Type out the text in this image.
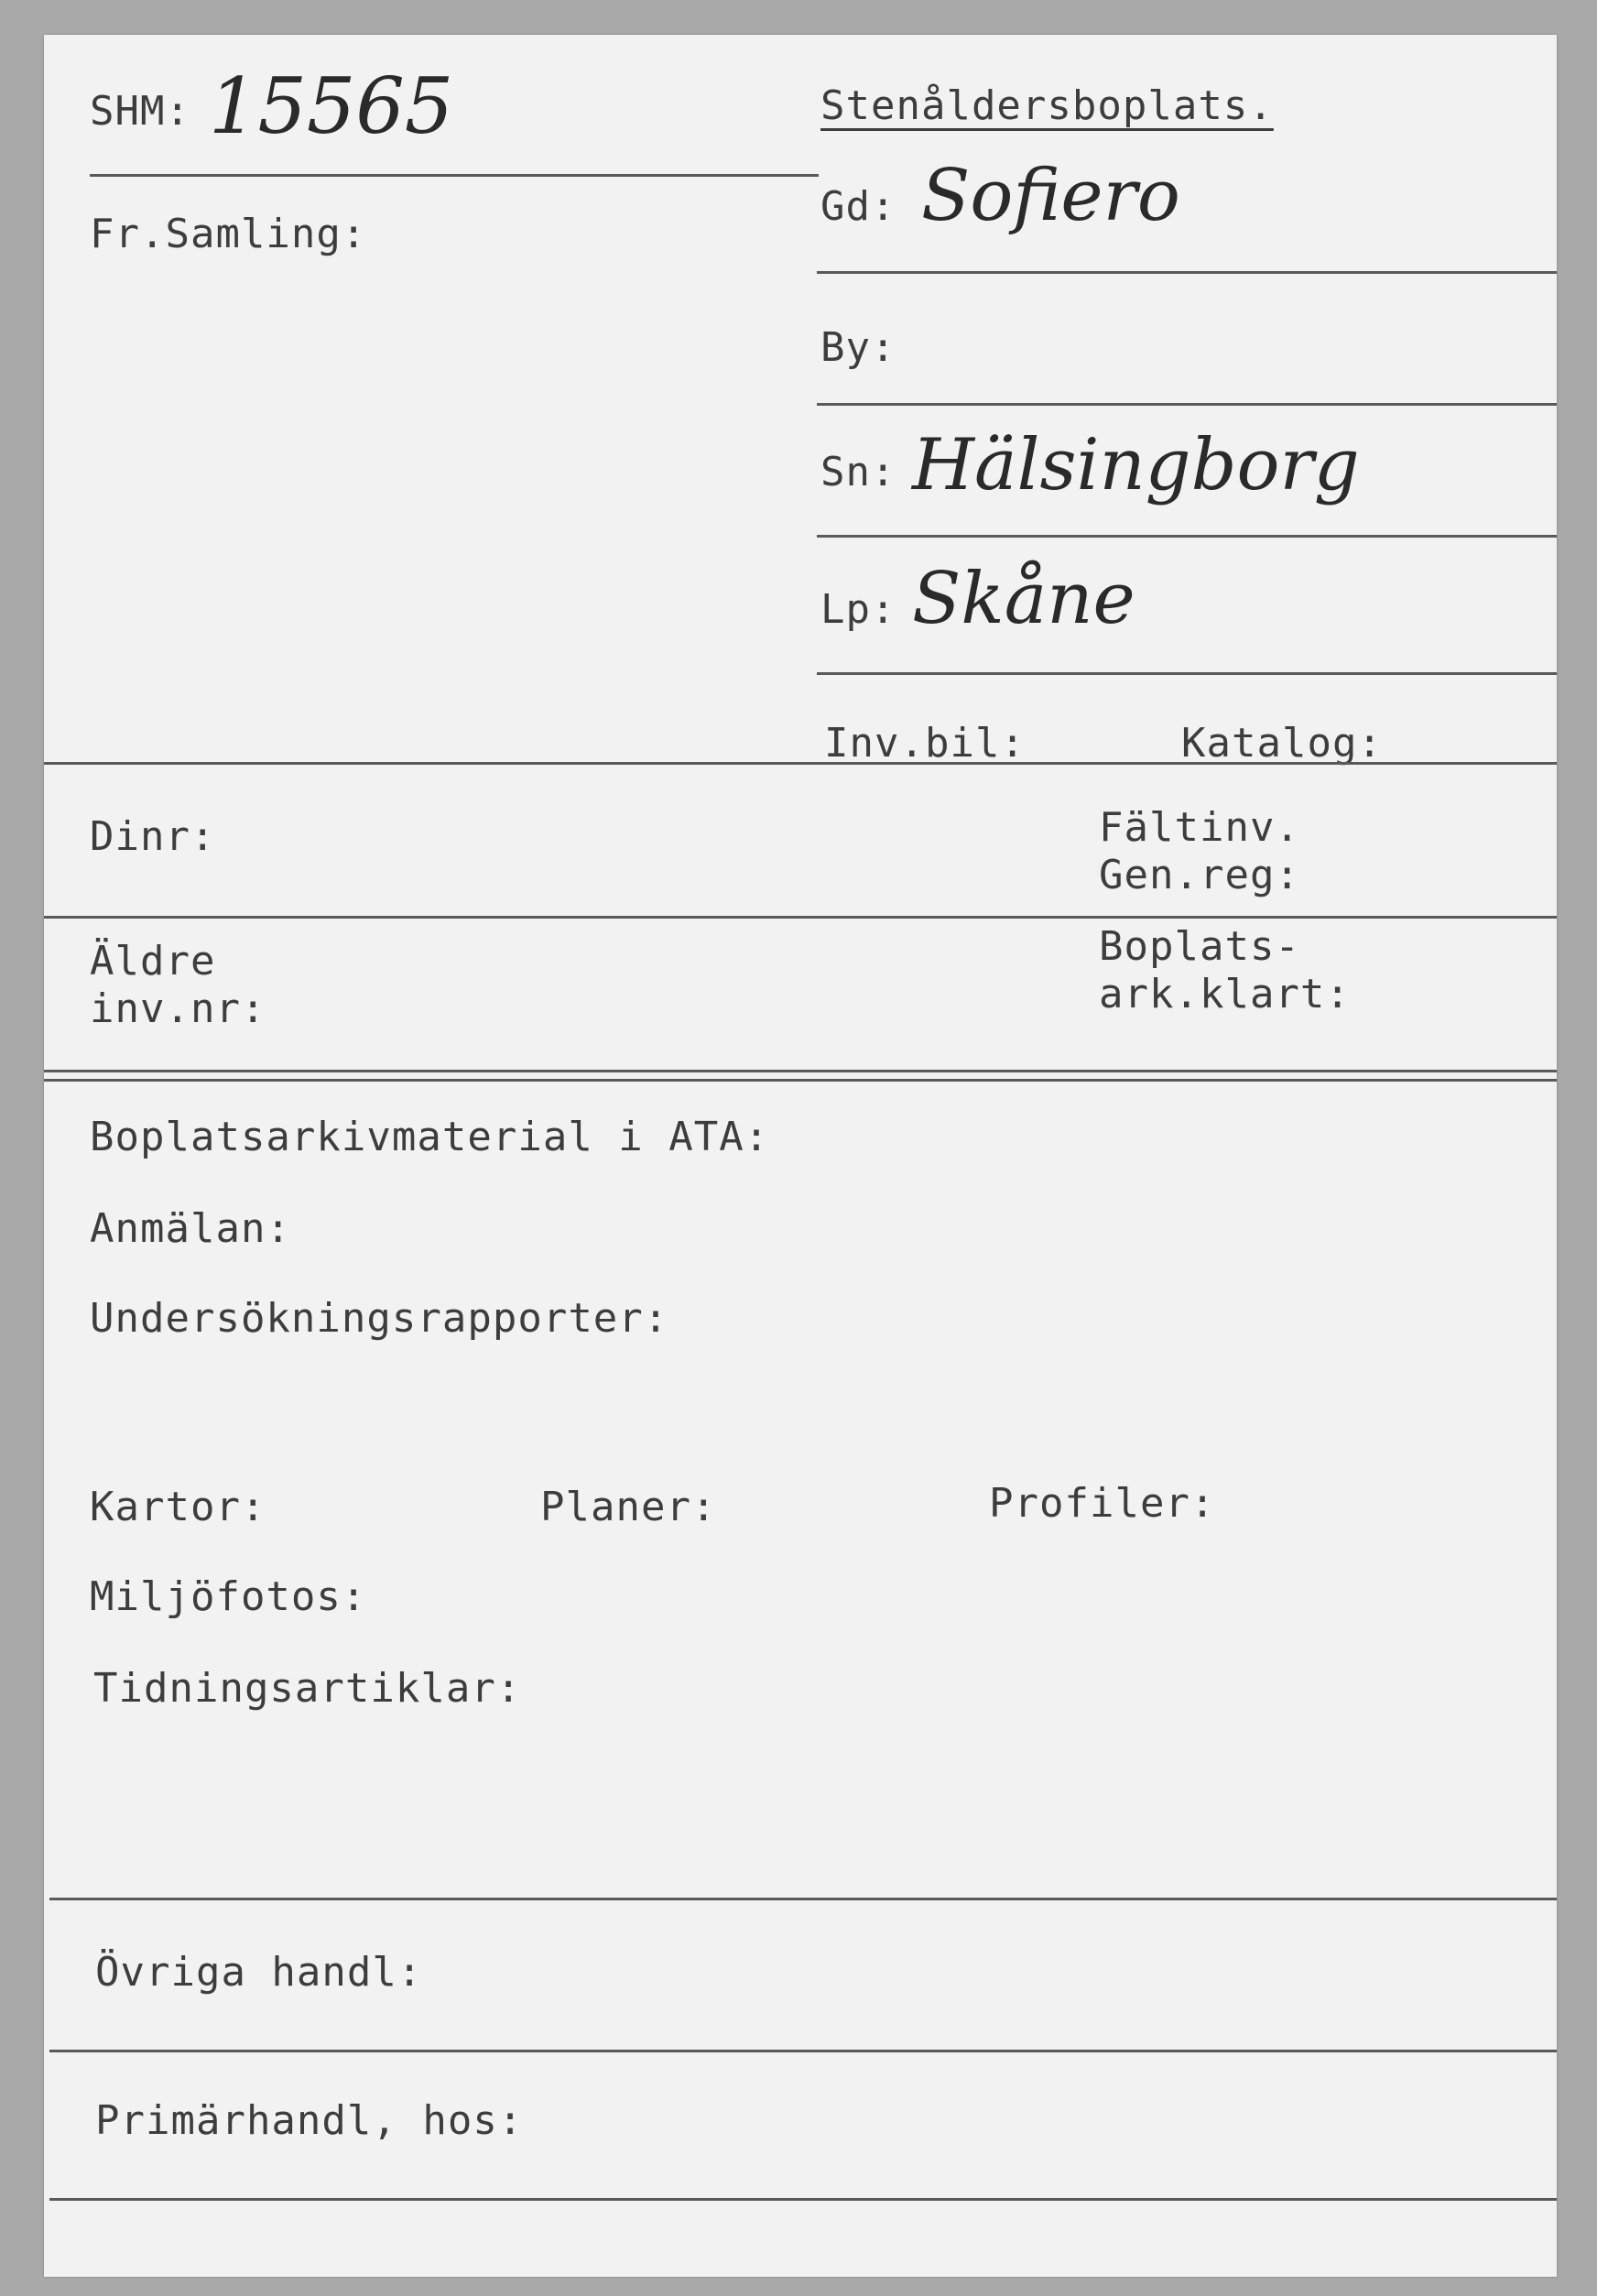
SHM: 15565	Stenåldersboplats.
Fr.Samling:
Gd: Sofiero
By:
Sn: Hälsingborg
Lp: Skåne
Inv.bil:	Katalog:
Dinr:	Fältinv.
Gen.reg:
Äldre
inv.nr:
Boplats-
ark.klart:
Boplatsarkivmaterial i ATA:
Anmälan:
Undersökningsrapporter:
Kartor:	Planer:	Profiler:
Miljöfotos:
Tidningsartiklar:
Övriga handl:
Primärhandl, hos:
